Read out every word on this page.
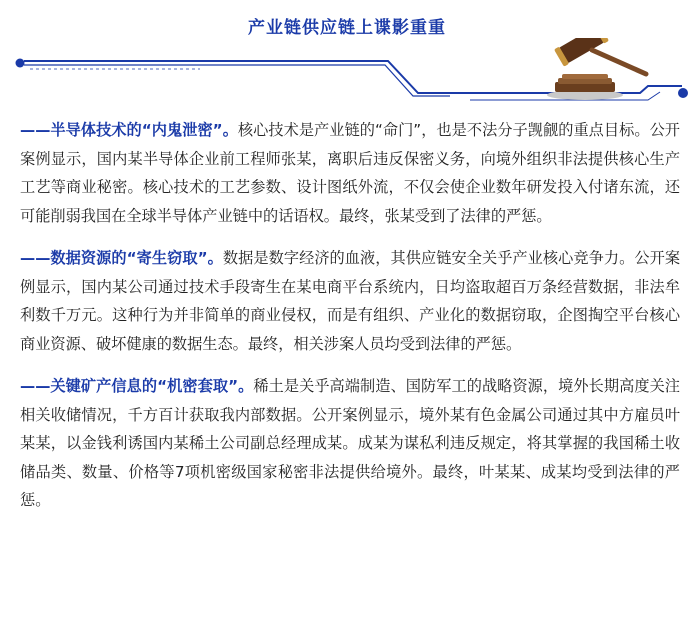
产业链供应链上谍影重重

——半导体技术的“内鬼泄密”。核心技术是产业链的“命门”，也是不法分子觊觎的重点目标。公开案例显示，国内某半导体企业前工程师张某，离职后违反保密义务，向境外组织非法提供核心生产工艺等商业秘密。核心技术的工艺参数、设计图纸外流，不仅会使企业数年研发投入付诸东流，还可能削弱我国在全球半导体产业链中的话语权。最终，张某受到了法律的严惩。

——数据资源的“寄生窃取”。数据是数字经济的血液，其供应链安全关乎产业核心竞争力。公开案例显示，国内某公司通过技术手段寄生在某电商平台系统内，日均盗取超百万条经营数据，非法牟利数千万元。这种行为并非简单的商业侵权，而是有组织、产业化的数据窃取，企图掏空平台核心商业资源、破坏健康的数据生态。最终，相关涉案人员均受到法律的严惩。

——关键矿产信息的“机密套取”。稀土是关乎高端制造、国防军工的战略资源，境外长期高度关注相关收储情况，千方百计获取我内部数据。公开案例显示，境外某有色金属公司通过其中方雇员叶某某，以金钱利诱国内某稀土公司副总经理成某。成某为谋私利违反规定，将其掌握的我国稀土收储品类、数量、价格等7项机密级国家秘密非法提供给境外。最终，叶某某、成某均受到法律的严惩。
